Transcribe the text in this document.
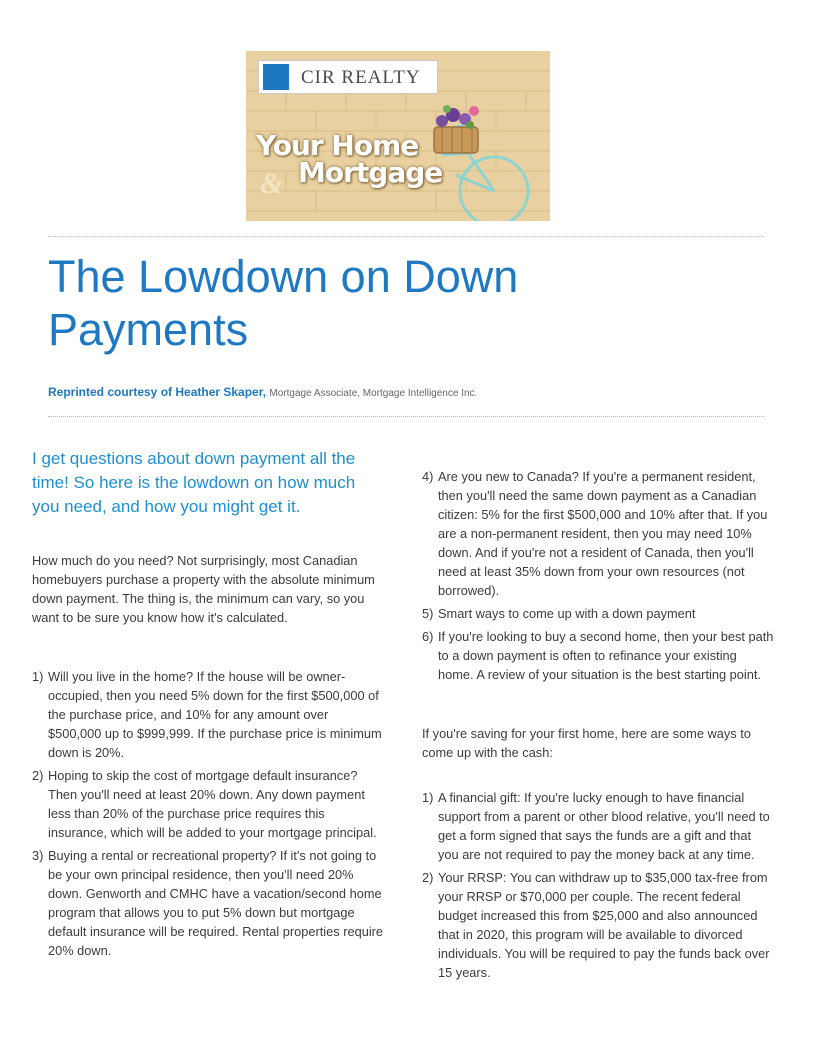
CIR REALTY
Your Home
& Mortgage
The Lowdown on Down
Payments
Reprinted courtesy of Heather Skaper, Mortgage Associate, Mortgage Intelligence Inc.
I get questions about down payment all the time! So here is the lowdown on how much you need, and how you might get it.
How much do you need? Not surprisingly, most Canadian homebuyers purchase a property with the absolute minimum down payment. The thing is, the minimum can vary, so you want to be sure you know how it's calculated.
1) Will you live in the home? If the house will be owner-occupied, then you need 5% down for the first $500,000 of the purchase price, and 10% for any amount over $500,000 up to $999,999. If the purchase price is minimum down is 20%.
2) Hoping to skip the cost of mortgage default insurance? Then you'll need at least 20% down. Any down payment less than 20% of the purchase price requires this insurance, which will be added to your mortgage principal.
3) Buying a rental or recreational property? If it's not going to be your own principal residence, then you'll need 20% down. Genworth and CMHC have a vacation/second home program that allows you to put 5% down but mortgage default insurance will be required. Rental properties require 20% down.
4) Are you new to Canada? If you're a permanent resident, then you'll need the same down payment as a Canadian citizen: 5% for the first $500,000 and 10% after that. If you are a non-permanent resident, then you may need 10% down. And if you're not a resident of Canada, then you'll need at least 35% down from your own resources (not borrowed).
5) Smart ways to come up with a down payment
6) If you're looking to buy a second home, then your best path to a down payment is often to refinance your existing home. A review of your situation is the best starting point.
If you're saving for your first home, here are some ways to come up with the cash:
1) A financial gift: If you're lucky enough to have financial support from a parent or other blood relative, you'll need to get a form signed that says the funds are a gift and that you are not required to pay the money back at any time.
2) Your RRSP: You can withdraw up to $35,000 tax-free from your RRSP or $70,000 per couple. The recent federal budget increased this from $25,000 and also announced that in 2020, this program will be available to divorced individuals. You will be required to pay the funds back over 15 years.
